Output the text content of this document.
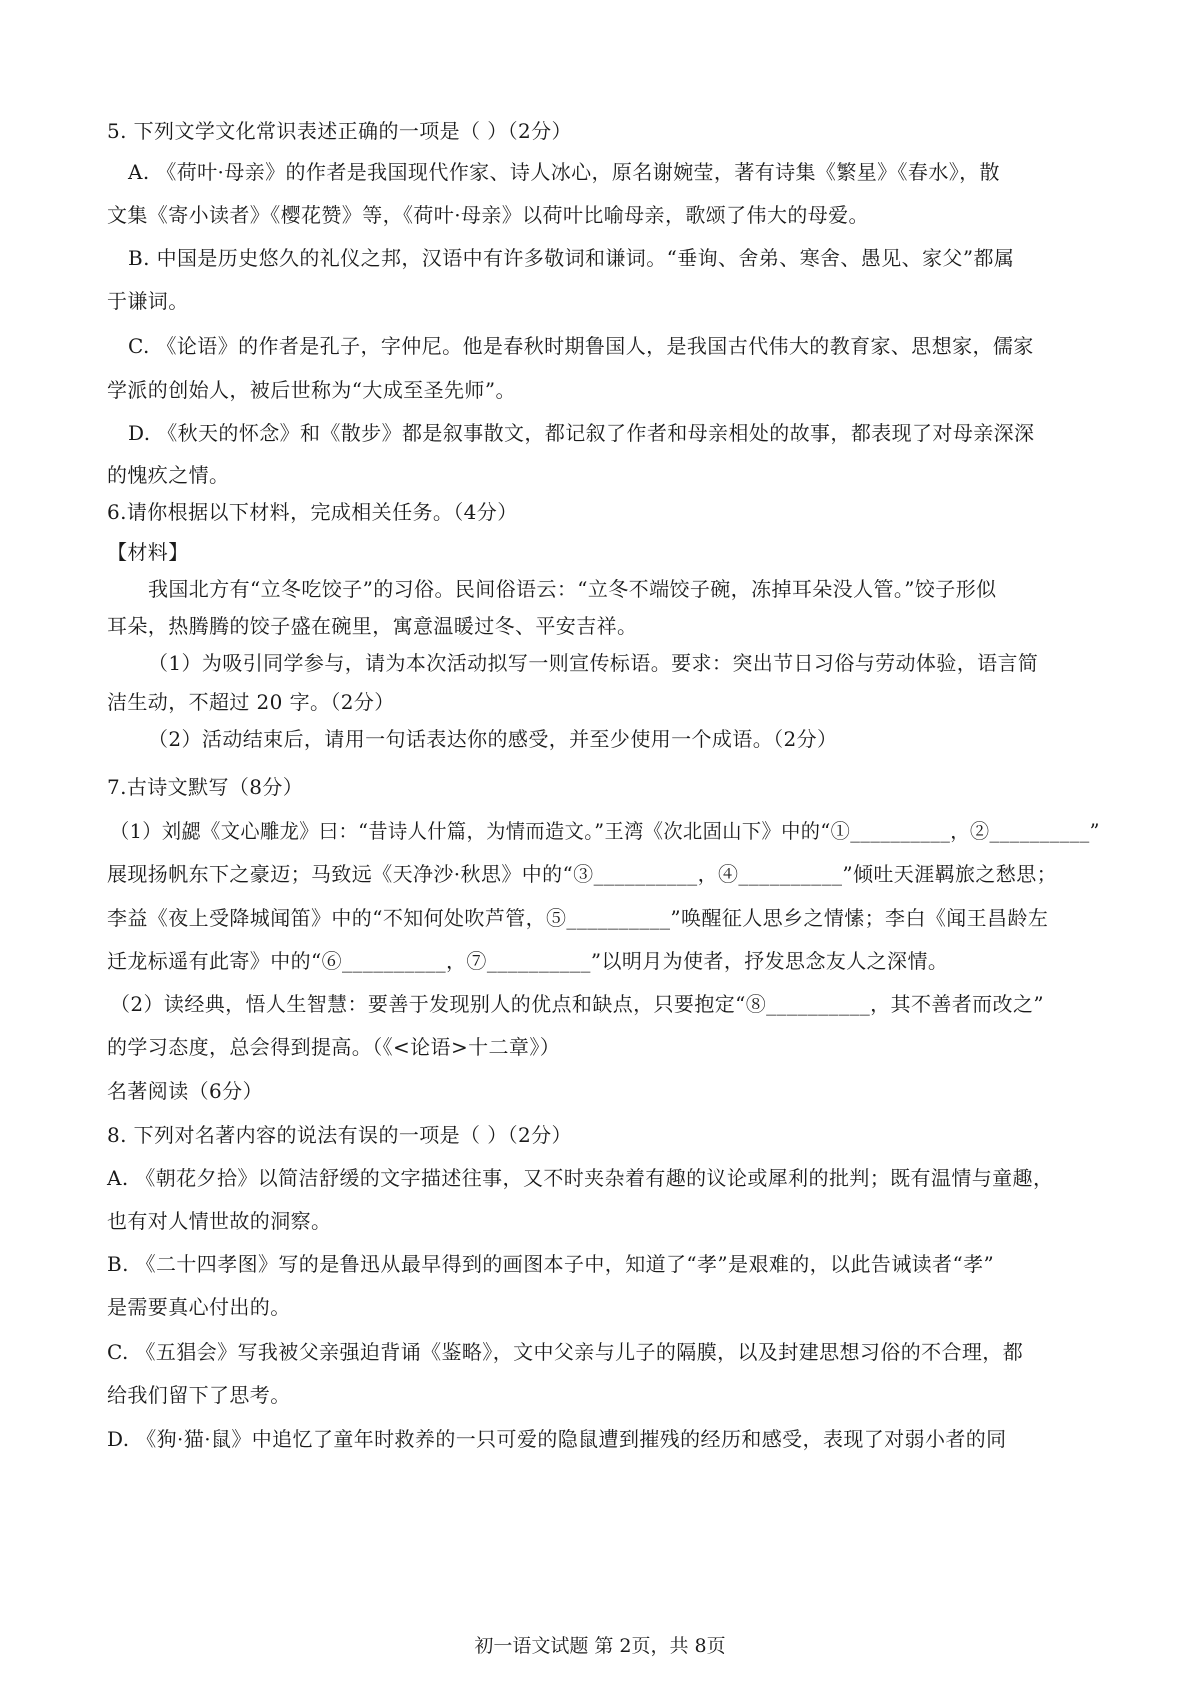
5. 下列文学文化常识表述正确的一项是（ ）（2分）
A. 《荷叶·母亲》的作者是我国现代作家、诗人冰心，原名谢婉莹，著有诗集《繁星》《春水》，散
文集《寄小读者》《樱花赞》等，《荷叶·母亲》以荷叶比喻母亲，歌颂了伟大的母爱。
B. 中国是历史悠久的礼仪之邦，汉语中有许多敬词和谦词。“垂询、舍弟、寒舍、愚见、家父”都属
于谦词。
C. 《论语》的作者是孔子，字仲尼。他是春秋时期鲁国人，是我国古代伟大的教育家、思想家，儒家
学派的创始人，被后世称为“大成至圣先师”。
D. 《秋天的怀念》和《散步》都是叙事散文，都记叙了作者和母亲相处的故事，都表现了对母亲深深
的愧疚之情。
6.请你根据以下材料，完成相关任务。（4分）
【材料】
我国北方有“立冬吃饺子”的习俗。民间俗语云：“立冬不端饺子碗，冻掉耳朵没人管。”饺子形似
耳朵，热腾腾的饺子盛在碗里，寓意温暖过冬、平安吉祥。
（1）为吸引同学参与，请为本次活动拟写一则宣传标语。要求：突出节日习俗与劳动体验，语言简
洁生动，不超过 20 字。（2分）
（2）活动结束后，请用一句话表达你的感受，并至少使用一个成语。（2分）
7.古诗文默写（8分）
（1）刘勰《文心雕龙》曰：“昔诗人什篇，为情而造文。”王湾《次北固山下》中的“①__________，②__________”
展现扬帆东下之豪迈；马致远《天净沙·秋思》中的“③__________，④__________”倾吐天涯羁旅之愁思；
李益《夜上受降城闻笛》中的“不知何处吹芦管，⑤__________”唤醒征人思乡之情愫；李白《闻王昌龄左
迁龙标遥有此寄》中的“⑥__________，⑦__________”以明月为使者，抒发思念友人之深情。
（2）读经典，悟人生智慧：要善于发现别人的优点和缺点，只要抱定“⑧__________，其不善者而改之”
的学习态度，总会得到提高。（《<论语>十二章》）
名著阅读（6分）
8. 下列对名著内容的说法有误的一项是（ ）（2分）
A. 《朝花夕拾》以简洁舒缓的文字描述往事，又不时夹杂着有趣的议论或犀利的批判；既有温情与童趣，
也有对人情世故的洞察。
B. 《二十四孝图》写的是鲁迅从最早得到的画图本子中，知道了“孝”是艰难的，以此告诫读者“孝”
是需要真心付出的。
C. 《五猖会》写我被父亲强迫背诵《鉴略》，文中父亲与儿子的隔膜，以及封建思想习俗的不合理，都
给我们留下了思考。
D. 《狗·猫·鼠》中追忆了童年时救养的一只可爱的隐鼠遭到摧残的经历和感受，表现了对弱小者的同
初一语文试题 第 2页，共 8页
